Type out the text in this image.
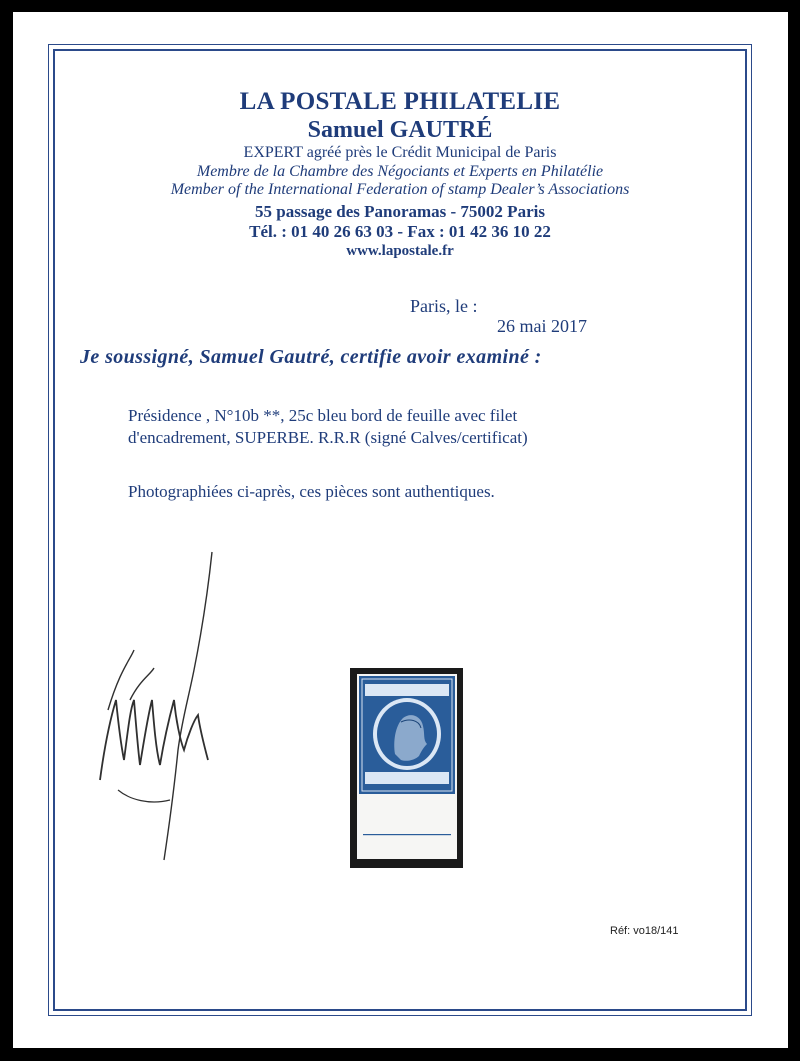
LA POSTALE PHILATELIE
Samuel GAUTRÉ
EXPERT agréé près le Crédit Municipal de Paris
Membre de la Chambre des Négociants et Experts en Philatélie
Member of the International Federation of stamp Dealer’s Associations
55 passage des Panoramas - 75002 Paris
Tél. : 01 40 26 63 03 - Fax : 01 42 36 10 22
www.lapostale.fr
Paris, le :
26 mai 2017
Je soussigné, Samuel Gautré, certifie avoir examiné :
Présidence , N°10b **, 25c bleu bord de feuille avec filet
d'encadrement, SUPERBE. R.R.R (signé Calves/certificat)
Photographiées ci-après, ces pièces sont authentiques.
Réf: vo18/141
